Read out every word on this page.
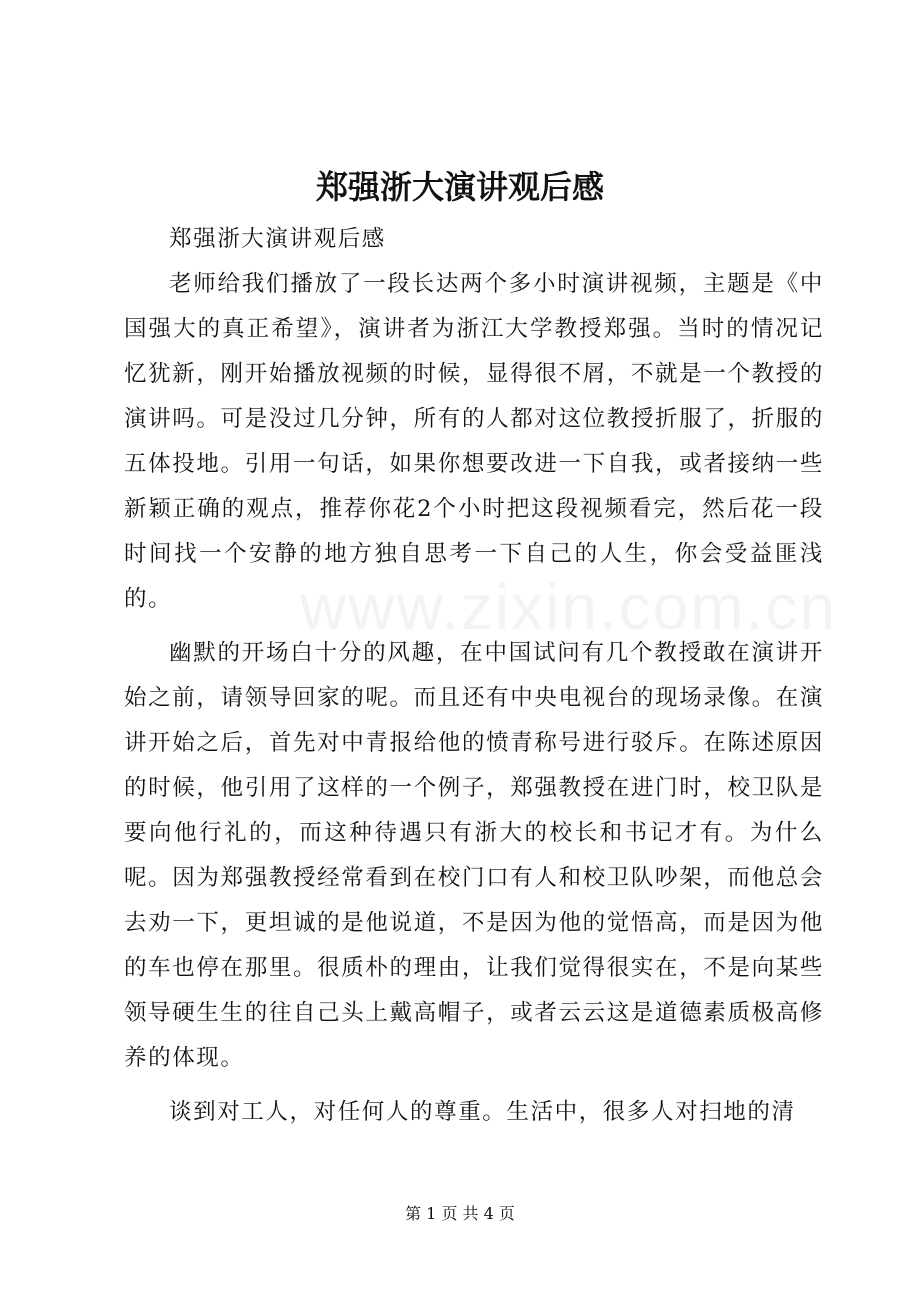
郑强浙大演讲观后感
www.zixin.com.cn

郑强浙大演讲观后感

老师给我们播放了一段长达两个多小时演讲视频，主题是《中国强大的真正希望》，演讲者为浙江大学教授郑强。当时的情况记忆犹新，刚开始播放视频的时候，显得很不屑，不就是一个教授的演讲吗。可是没过几分钟，所有的人都对这位教授折服了，折服的五体投地。引用一句话，如果你想要改进一下自我，或者接纳一些新颖正确的观点，推荐你花2个小时把这段视频看完，然后花一段时间找一个安静的地方独自思考一下自己的人生，你会受益匪浅的。

幽默的开场白十分的风趣，在中国试问有几个教授敢在演讲开始之前，请领导回家的呢。而且还有中央电视台的现场录像。在演讲开始之后，首先对中青报给他的愤青称号进行驳斥。在陈述原因的时候，他引用了这样的一个例子，郑强教授在进门时，校卫队是要向他行礼的，而这种待遇只有浙大的校长和书记才有。为什么呢。因为郑强教授经常看到在校门口有人和校卫队吵架，而他总会去劝一下，更坦诚的是他说道，不是因为他的觉悟高，而是因为他的车也停在那里。很质朴的理由，让我们觉得很实在，不是向某些领导硬生生的往自己头上戴高帽子，或者云云这是道德素质极高修养的体现。

谈到对工人，对任何人的尊重。生活中，很多人对扫地的清

第 1 页 共 4 页
